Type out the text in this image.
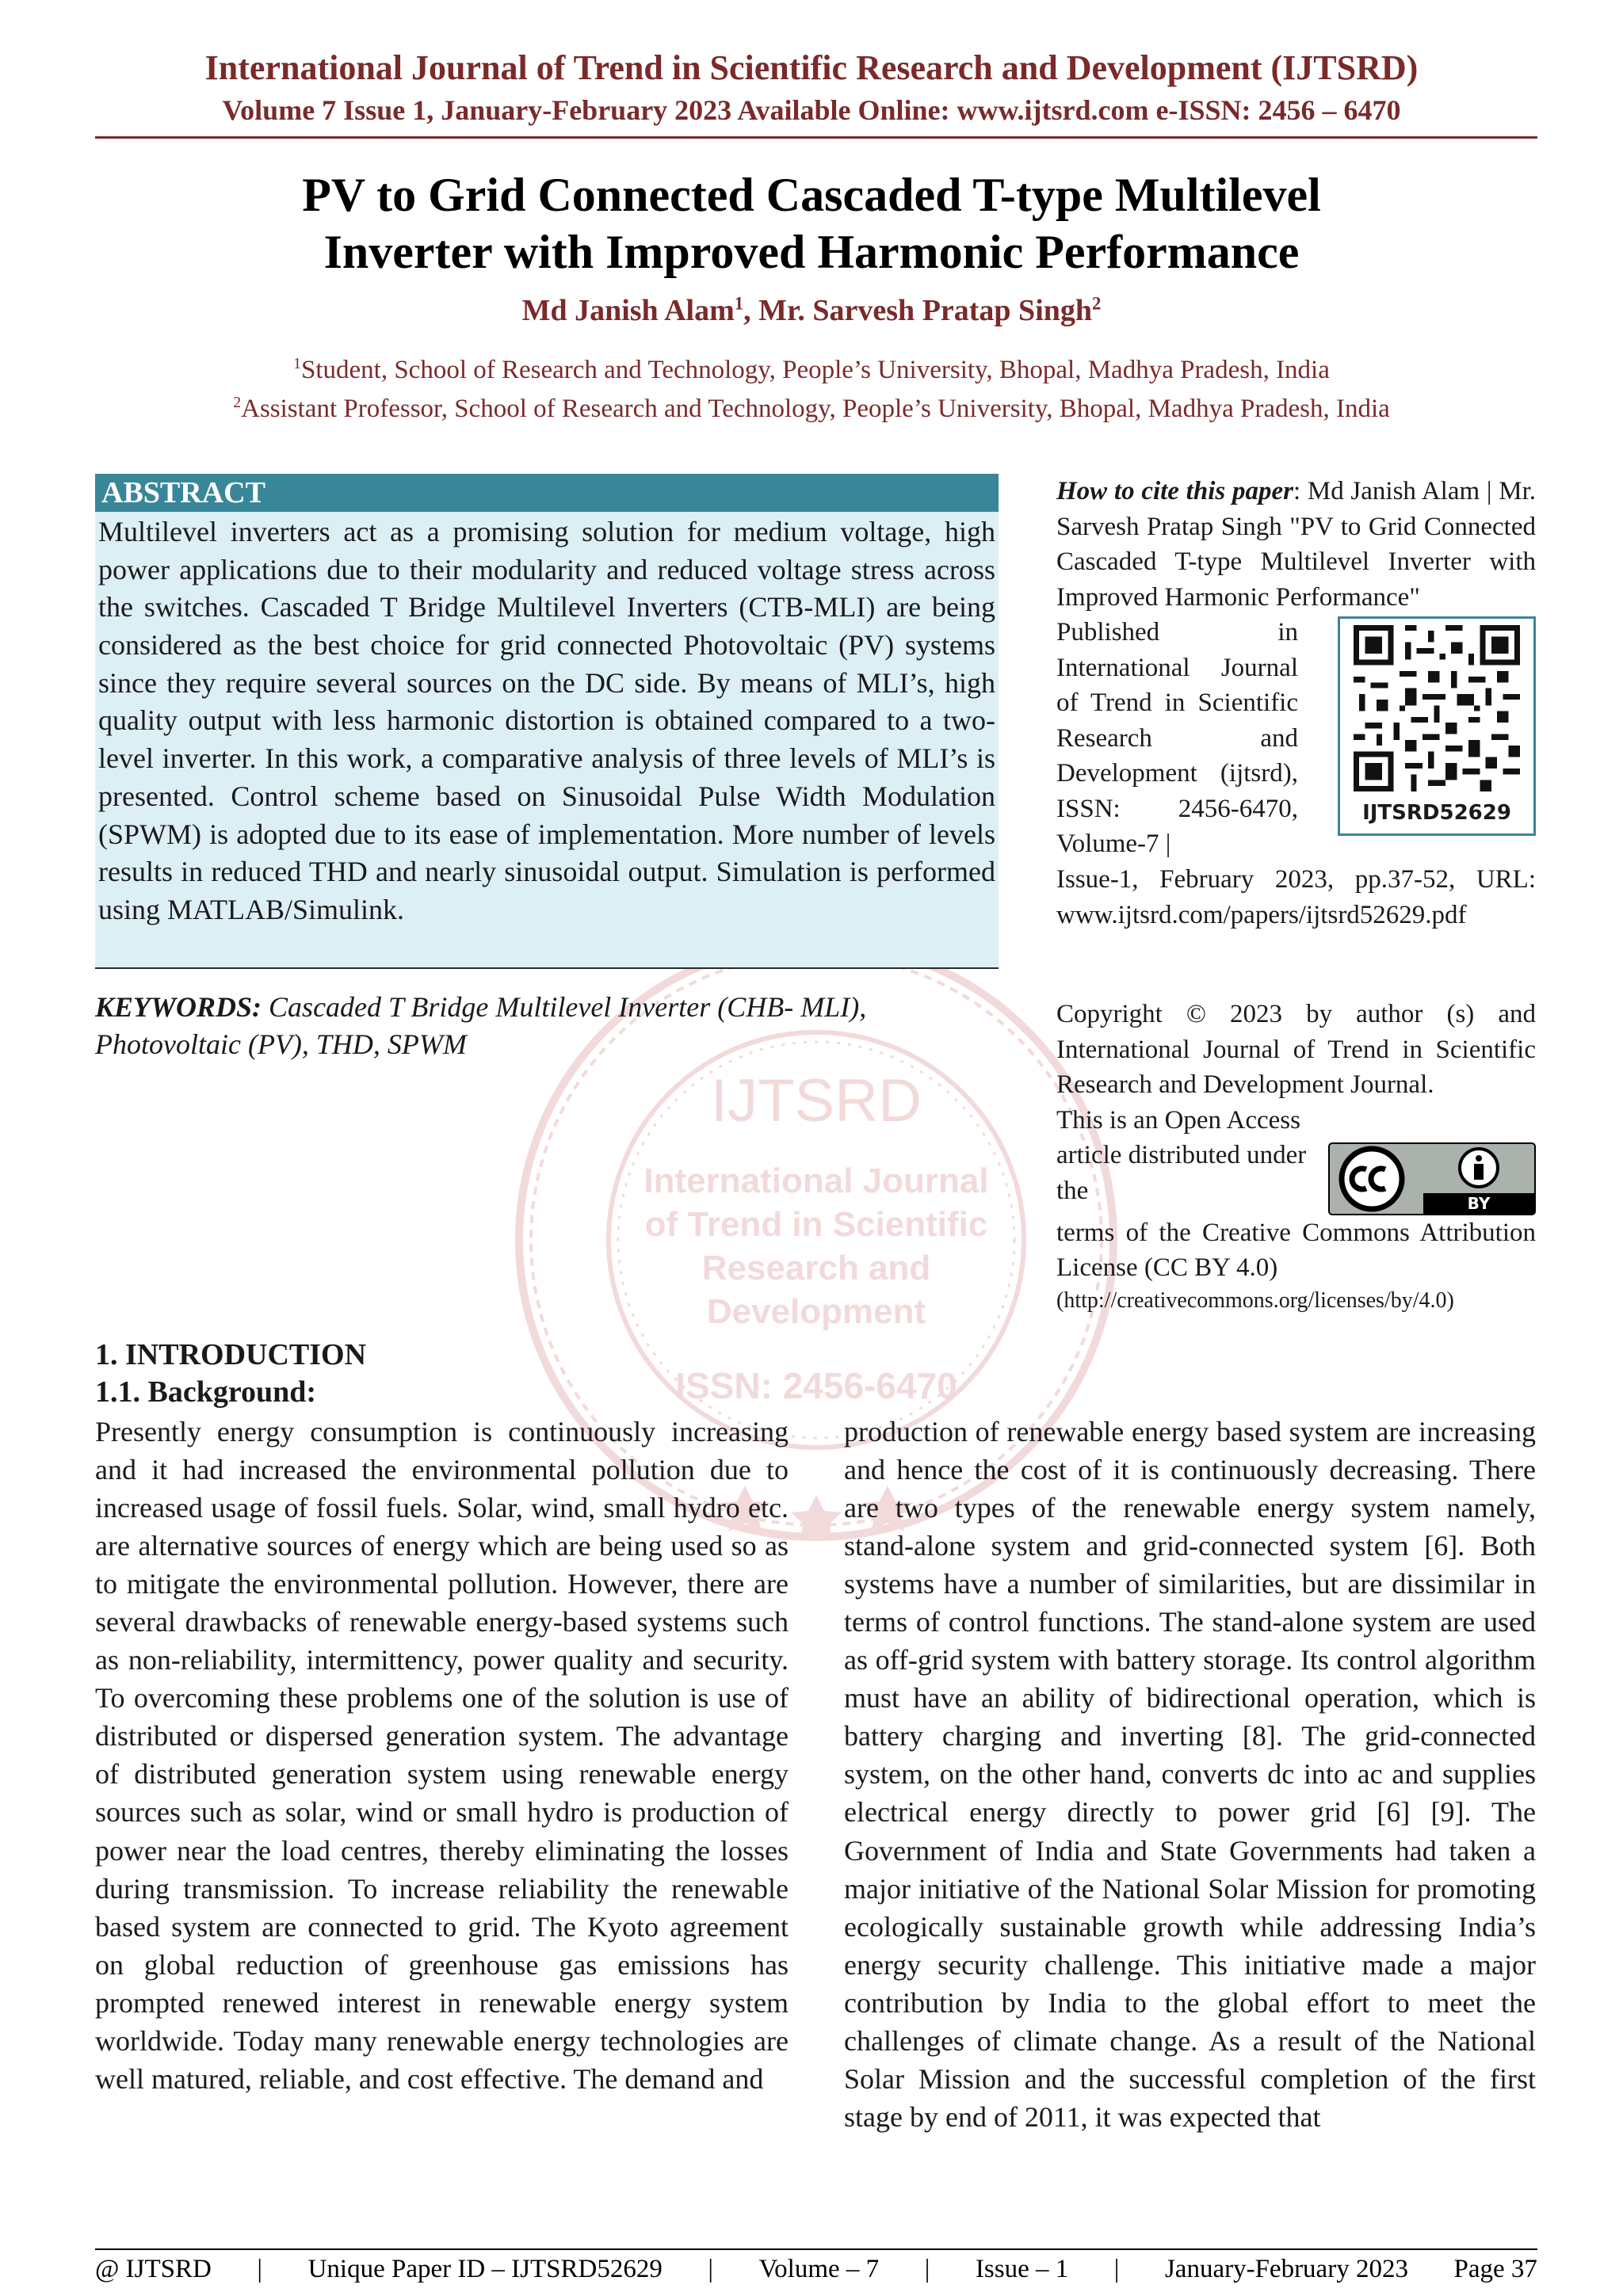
International Journal of Trend in Scientific Research and Development (IJTSRD)
Volume 7 Issue 1, January-February 2023 Available Online: www.ijtsrd.com e-ISSN: 2456 – 6470
PV to Grid Connected Cascaded T-type Multilevel
Inverter with Improved Harmonic Performance
Md Janish Alam$^1$, Mr. Sarvesh Pratap Singh$^2$
$^1$Student, School of Research and Technology, People’s University, Bhopal, Madhya Pradesh, India
$^2$Assistant Professor, School of Research and Technology, People’s University, Bhopal, Madhya Pradesh, India
IJTSRD
International Journal
of Trend in Scientific
Research and
Development
ISSN: 2456-6470
ABSTRACT
Multilevel inverters act as a promising solution for medium voltage, high power applications due to their modularity and reduced voltage stress across the switches. Cascaded T Bridge Multilevel Inverters (CTB-MLI) are being considered as the best choice for grid connected Photovoltaic (PV) systems since they require several sources on the DC side. By means of MLI’s, high quality output with less harmonic distortion is obtained compared to a two-level inverter. In this work, a comparative analysis of three levels of MLI’s is presented. Control scheme based on Sinusoidal Pulse Width Modulation (SPWM) is adopted due to its ease of implementation. More number of levels results in reduced THD and nearly sinusoidal output. Simulation is performed using MATLAB/Simulink.
KEYWORDS: Cascaded T Bridge Multilevel Inverter (CHB- MLI), Photovoltaic (PV), THD, SPWM
How to cite this paper: Md Janish Alam | Mr. Sarvesh Pratap Singh "PV to Grid Connected Cascaded T-type Multilevel Inverter with Improved Harmonic Performance"
Published in International Journal of Trend in Scientific Research and Development (ijtsrd), ISSN: 2456-6470, Volume-7 |
IJTSRD52629
Issue-1, February 2023, pp.37-52, URL: www.ijtsrd.com/papers/ijtsrd52629.pdf
Copyright © 2023 by author (s) and International Journal of Trend in Scientific Research and Development Journal.
This is an Open Access article distributed under the	BY
terms of the Creative Commons Attribution License (CC BY 4.0)
(http://creativecommons.org/licenses/by/4.0)
1. INTRODUCTION
1.1. Background:
Presently energy consumption is continuously increasing and it had increased the environmental pollution due to increased usage of fossil fuels. Solar, wind, small hydro etc. are alternative sources of energy which are being used so as to mitigate the environmental pollution. However, there are several drawbacks of renewable energy-based systems such as non-reliability, intermittency, power quality and security. To overcoming these problems one of the solution is use of distributed or dispersed generation system. The advantage of distributed generation system using renewable energy sources such as solar, wind or small hydro is production of power near the load centres, thereby eliminating the losses during transmission. To increase reliability the renewable based system are connected to grid. The Kyoto agreement on global reduction of greenhouse gas emissions has prompted renewed interest in renewable energy system worldwide. Today many renewable energy technologies are well matured, reliable, and cost effective. The demand and
production of renewable energy based system are increasing and hence the cost of it is continuously decreasing. There are two types of the renewable energy system namely, stand-alone system and grid-connected system [6]. Both systems have a number of similarities, but are dissimilar in terms of control functions. The stand-alone system are used as off-grid system with battery storage. Its control algorithm must have an ability of bidirectional operation, which is battery charging and inverting [8]. The grid-connected system, on the other hand, converts dc into ac and supplies electrical energy directly to power grid [6] [9]. The Government of India and State Governments had taken a major initiative of the National Solar Mission for promoting ecologically sustainable growth while addressing India’s energy security challenge. This initiative made a major contribution by India to the global effort to meet the challenges of climate change. As a result of the National Solar Mission and the successful completion of the first stage by end of 2011, it was expected that
@ IJTSRD | Unique Paper ID – IJTSRD52629 | Volume – 7 | Issue – 1 | January-February 2023 Page 37
